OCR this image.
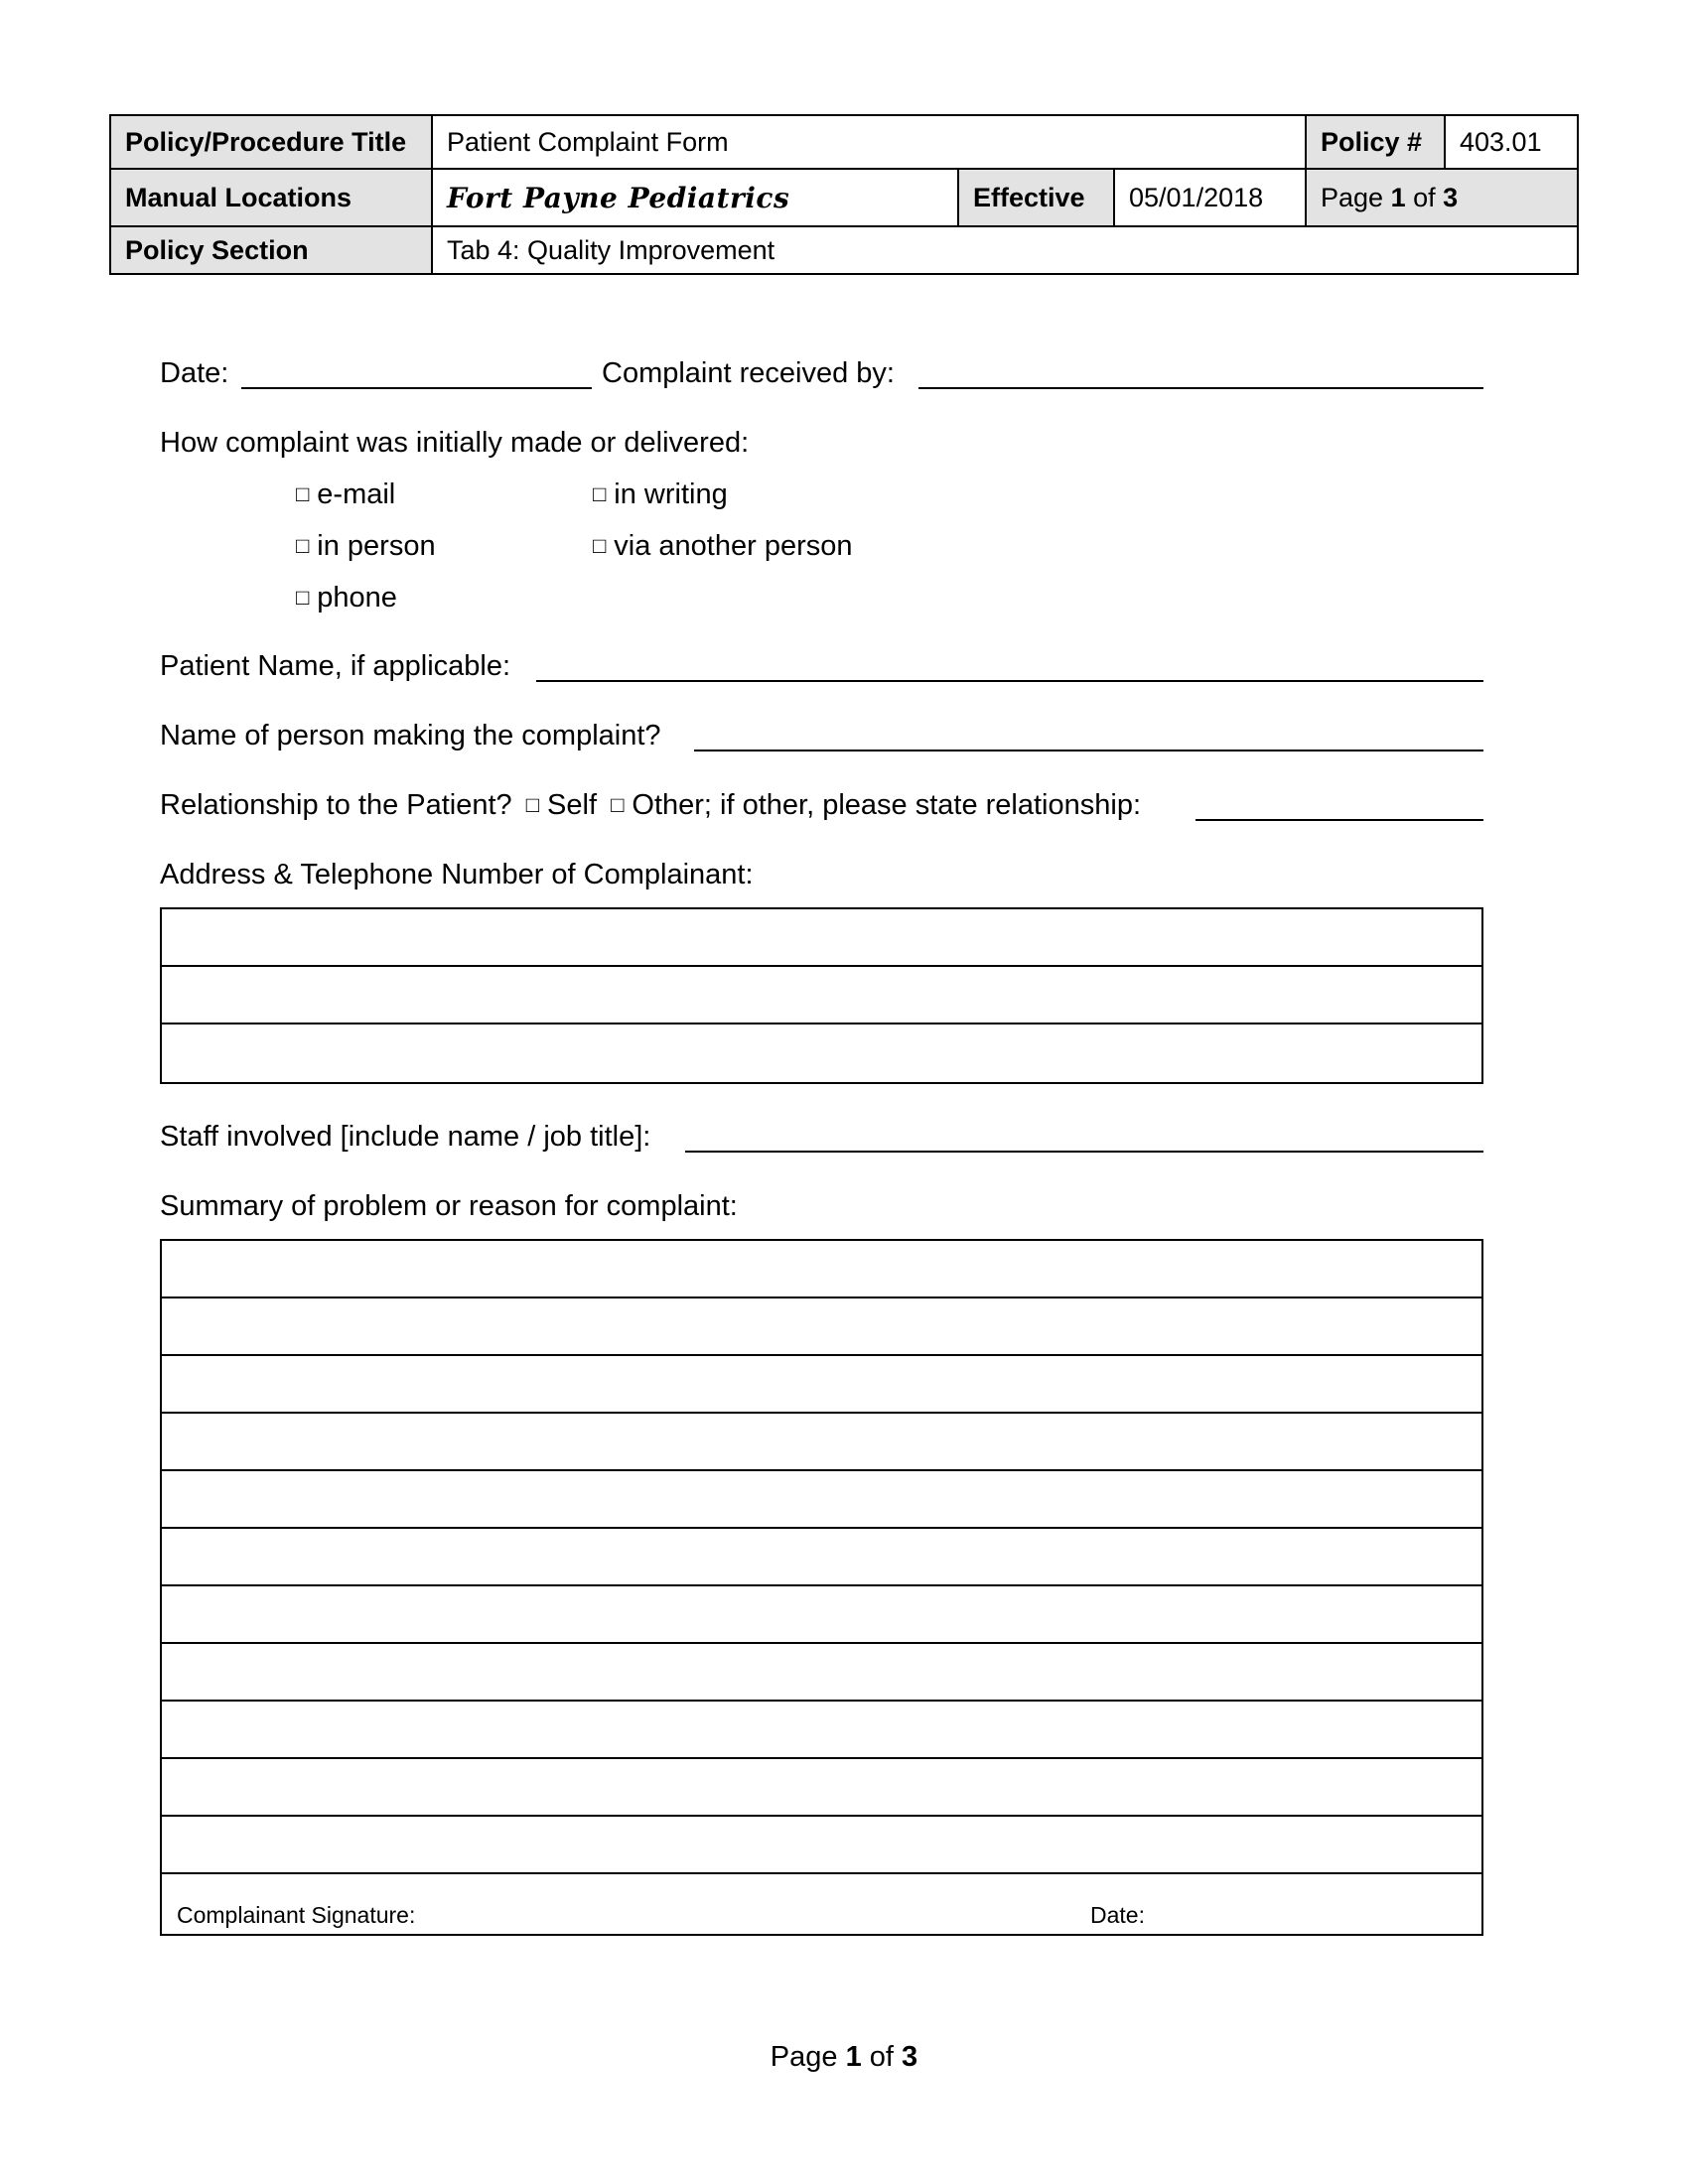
Policy/Procedure Title	Patient Complaint Form	Policy #	403.01
Manual Locations	Fort Payne Pediatrics	Effective	05/01/2018	Page 1 of 3
Policy Section	Tab 4: Quality Improvement
Date:	Complaint received by:
How complaint was initially made or delivered:
□ e-mail	□ in writing
□ in person	□ via another person
□ phone
Patient Name, if applicable:
Name of person making the complaint?
Relationship to the Patient? □ Self □ Other; if other, please state relationship:
Address & Telephone Number of Complainant:
Staff involved [include name / job title]:
Summary of problem or reason for complaint:
Complainant Signature:	Date:
Page 1 of 3
